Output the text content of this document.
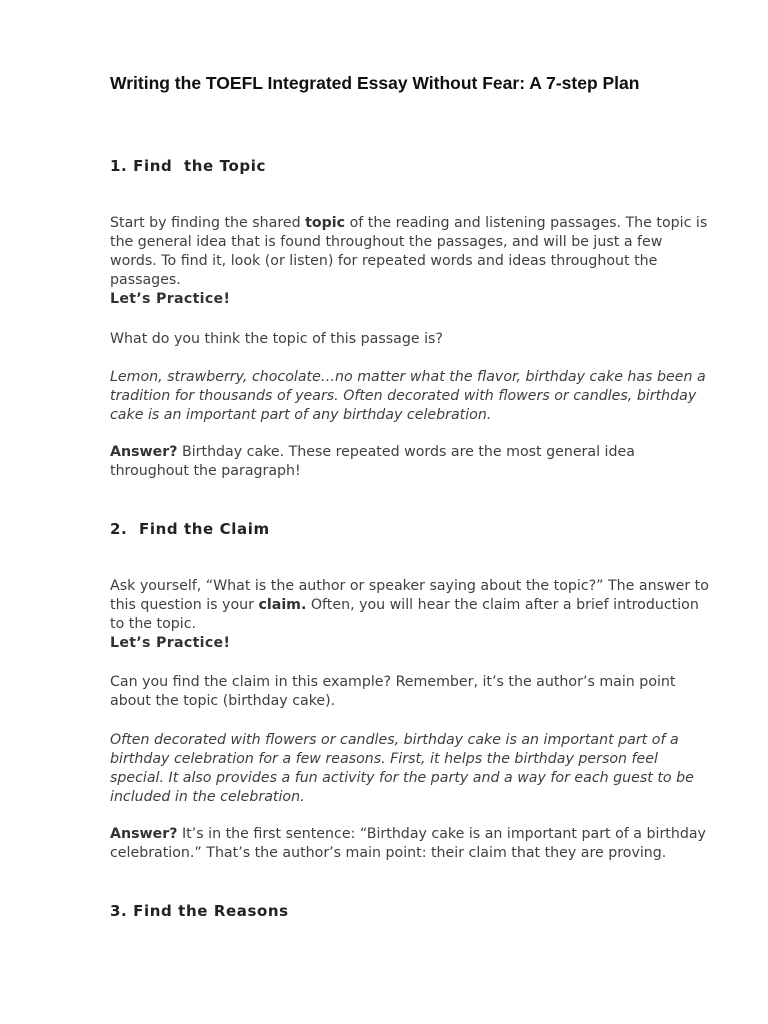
Writing the TOEFL Integrated Essay Without Fear: A 7-step Plan
1. Find  the Topic

Start by finding the shared topic of the reading and listening passages. The topic is the general idea that is found throughout the passages, and will be just a few words. To find it, look (or listen) for repeated words and ideas throughout the passages.
Let’s Practice!

What do you think the topic of this passage is?

Lemon, strawberry, chocolate…no matter what the flavor, birthday cake has been a tradition for thousands of years. Often decorated with flowers or candles, birthday cake is an important part of any birthday celebration.

Answer? Birthday cake. These repeated words are the most general idea throughout the paragraph!

2.  Find the Claim

Ask yourself, “What is the author or speaker saying about the topic?” The answer to this question is your claim. Often, you will hear the claim after a brief introduction to the topic.
Let’s Practice!

Can you find the claim in this example? Remember, it’s the author’s main point about the topic (birthday cake).

Often decorated with flowers or candles, birthday cake is an important part of a birthday celebration for a few reasons. First, it helps the birthday person feel special. It also provides a fun activity for the party and a way for each guest to be included in the celebration.

Answer? It’s in the first sentence: “Birthday cake is an important part of a birthday celebration.” That’s the author’s main point: their claim that they are proving.

3. Find the Reasons
